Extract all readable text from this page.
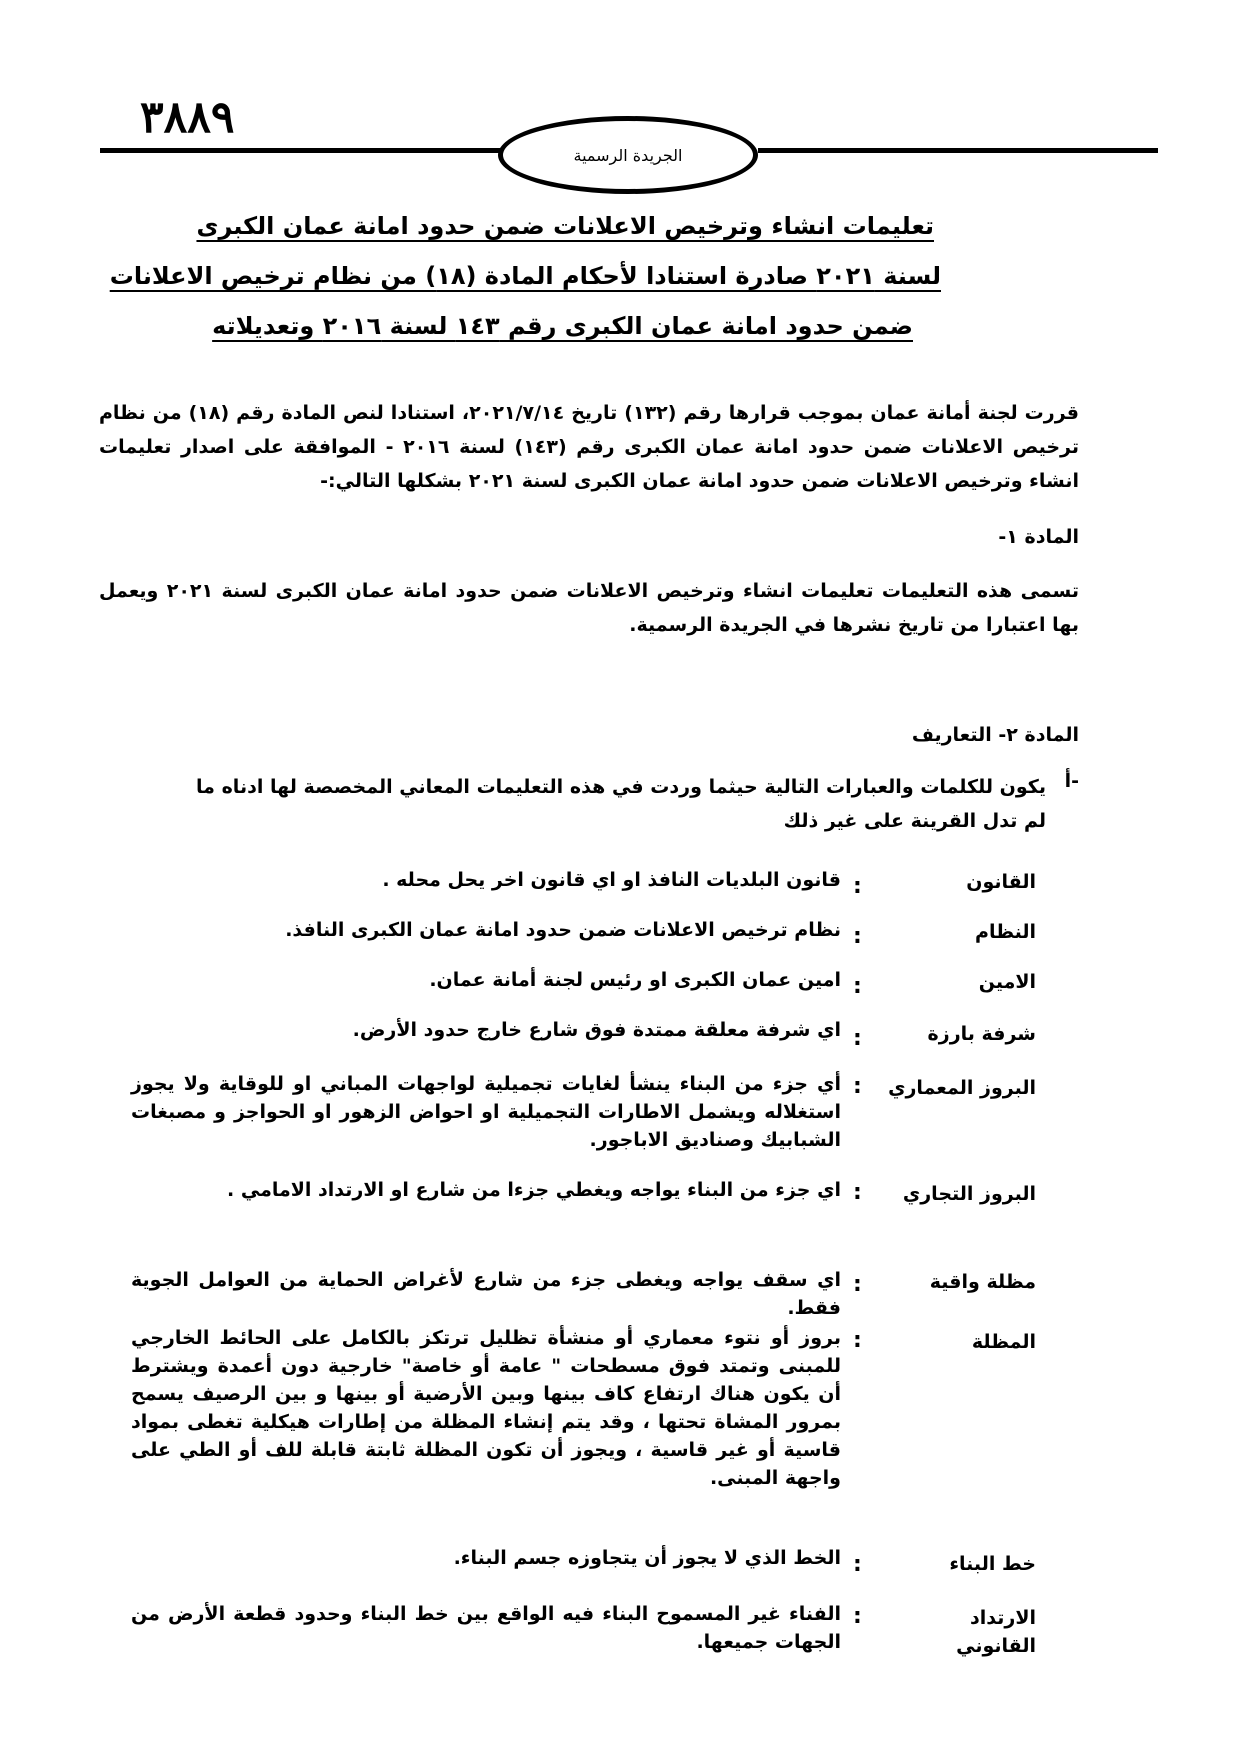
٣٨٨٩
الجريدة الرسمية
تعليمات انشاء وترخيص الاعلانات ضمن حدود امانة عمان الكبرى
لسنة ٢٠٢١ صادرة استنادا لأحكام المادة (١٨) من نظام ترخيص الاعلانات
ضمن حدود امانة عمان الكبرى رقم ١٤٣ لسنة ٢٠١٦ وتعديلاته
قررت لجنة أمانة عمان بموجب قرارها رقم (١٣٢) تاريخ ٢٠٢١/٧/١٤، استنادا لنص المادة رقم (١٨) من نظام ترخيص الاعلانات ضمن حدود امانة عمان الكبرى رقم (١٤٣) لسنة ٢٠١٦ - الموافقة على اصدار تعليمات انشاء وترخيص الاعلانات ضمن حدود امانة عمان الكبرى لسنة ٢٠٢١ بشكلها التالي:-
المادة ١-
تسمى هذه التعليمات تعليمات انشاء وترخيص الاعلانات ضمن حدود امانة عمان الكبرى لسنة ٢٠٢١ ويعمل بها اعتبارا من تاريخ نشرها في الجريدة الرسمية.
المادة ٢- التعاريف
أ-
يكون للكلمات والعبارات التالية حيثما وردت في هذه التعليمات المعاني المخصصة لها ادناه ما لم تدل القرينة على غير ذلك
القانون
:
قانون البلديات النافذ او اي قانون اخر يحل محله .
النظام
:
نظام ترخيص الاعلانات ضمن حدود امانة عمان الكبرى النافذ.
الامين
:
امين عمان الكبرى او رئيس لجنة أمانة عمان.
شرفة بارزة
:
اي شرفة معلقة ممتدة فوق شارع خارج حدود الأرض.
البروز المعماري
:
أي جزء من البناء ينشأ لغايات تجميلية لواجهات المباني او للوقاية ولا يجوز استغلاله ويشمل الاطارات التجميلية او احواض الزهور او الحواجز و مصبغات الشبابيك وصناديق الاباجور.
البروز التجاري
:
اي جزء من البناء يواجه ويغطي جزءا من شارع او الارتداد الامامي .
مظلة واقية
:
اي سقف يواجه ويغطى جزء من شارع لأغراض الحماية من العوامل الجوية فقط.
المظلة
:
بروز أو نتوء معماري أو منشأة تظليل ترتكز بالكامل على الحائط الخارجي للمبنى وتمتد فوق مسطحات " عامة أو خاصة" خارجية دون أعمدة ويشترط أن يكون هناك ارتفاع كاف بينها وبين الأرضية أو بينها و بين الرصيف يسمح بمرور المشاة تحتها ، وقد يتم إنشاء المظلة من إطارات هيكلية تغطى بمواد قاسية أو غير قاسية ، ويجوز أن تكون المظلة ثابتة قابلة للف أو الطي على واجهة المبنى.
خط البناء
:
الخط الذي لا يجوز أن يتجاوزه جسم البناء.
الارتداد القانوني
:
الفناء غير المسموح البناء فيه الواقع بين خط البناء وحدود قطعة الأرض من الجهات جميعها.
